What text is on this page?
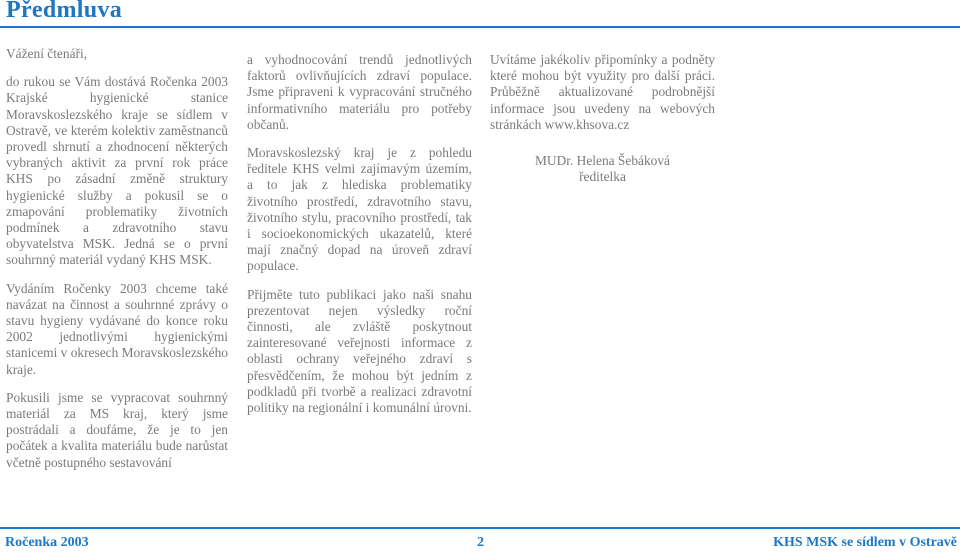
Předmluva

Vážení čtenáři,

do rukou se Vám dostává Ročenka 2003 Krajské hygienické stanice Moravskoslezského kraje se sídlem v Ostravě, ve kterém kolektiv zaměstnanců provedl shrnutí a zhodnocení některých vybraných aktivit za první rok práce KHS po zásadní změně struktury hygienické služby a pokusil se o zmapování problematiky životních podmínek a zdravotního stavu obyvatelstva MSK. Jedná se o první souhrnný materiál vydaný KHS MSK.

Vydáním Ročenky 2003 chceme také navázat na činnost a souhrnné zprávy o stavu hygieny vydávané do konce roku 2002 jednotlivými hygienickými stanicemi v okresech Moravskoslezského kraje.

Pokusili jsme se vypracovat souhrnný materiál za MS kraj, který jsme postrádali a doufáme, že je to jen počátek a kvalita materiálu bude narůstat včetně postupného sestavování

a vyhodnocování trendů jednotlivých faktorů ovlivňujících zdraví populace. Jsme připraveni k vypracování stručného informativního materiálu pro potřeby občanů.

Moravskoslezský kraj je z pohledu ředitele KHS velmi zajímavým územím, a to jak z hlediska problematiky životního prostředí, zdravotního stavu, životního stylu, pracovního prostředí, tak i socioekonomických ukazatelů, které mají značný dopad na úroveň zdraví populace.

Přijměte tuto publikaci jako naši snahu prezentovat nejen výsledky roční činnosti, ale zvláště poskytnout zainteresované veřejnosti informace z oblasti ochrany veřejného zdraví s přesvědčením, že mohou být jedním z podkladů při tvorbě a realizaci zdravotní politiky na regionální i komunální úrovni.

Uvítáme jakékoliv připomínky a podněty které mohou být využity pro další práci. Průběžně aktualizované podrobnější informace jsou uvedeny na webových stránkách www.khsova.cz

MUDr. Helena Šebáková
ředitelka
Ročenka 2003	2	KHS MSK se sídlem v Ostravě
